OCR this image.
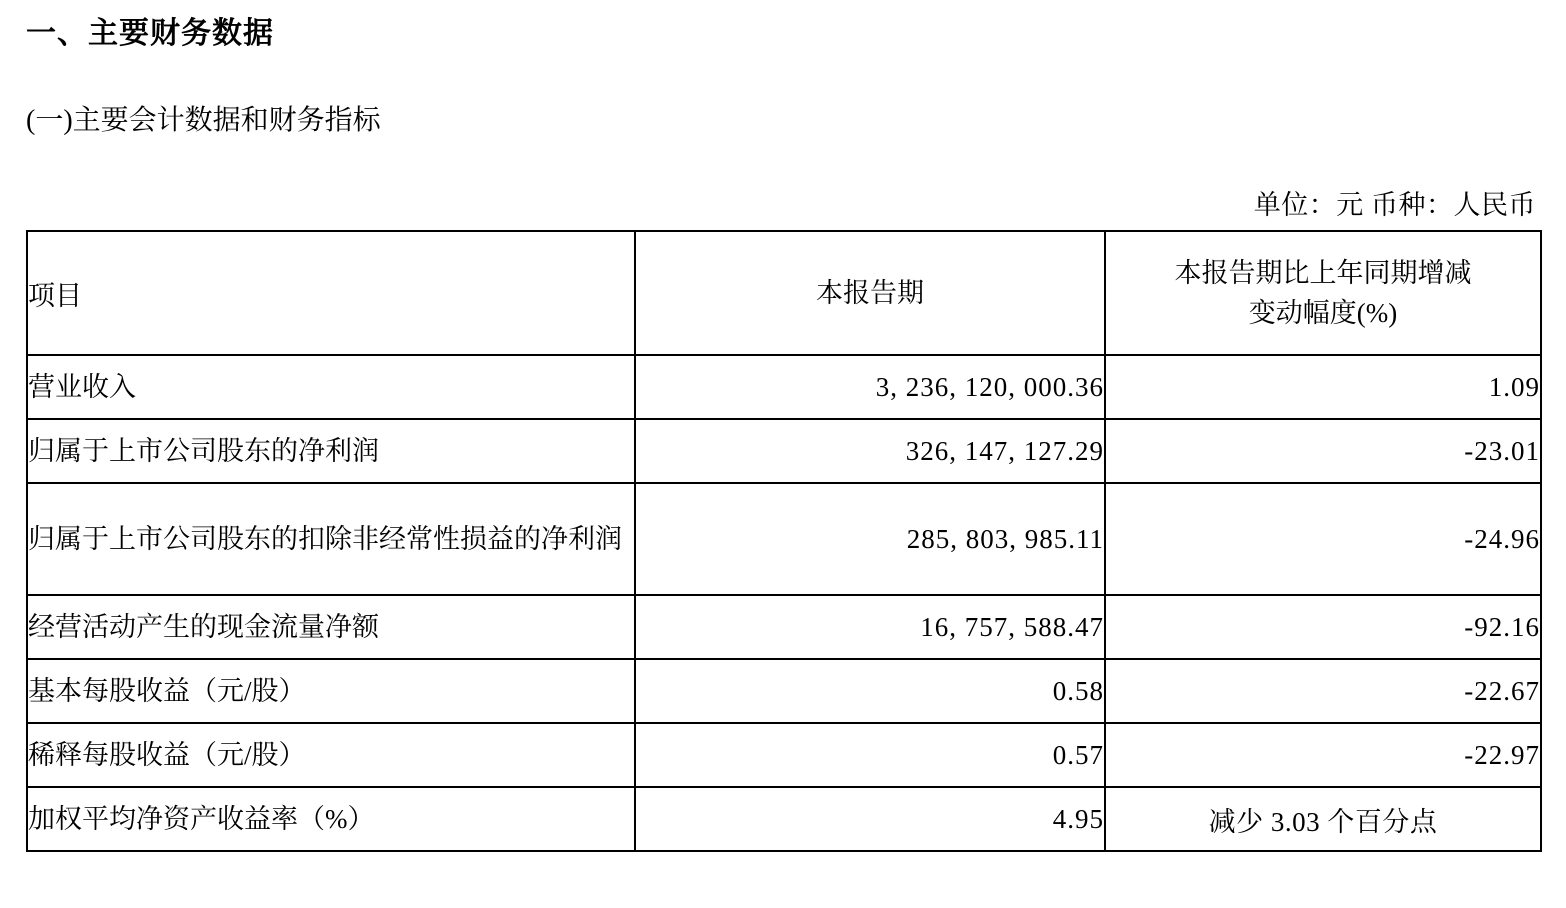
一、主要财务数据
(一)主要会计数据和财务指标
单位：元 币种：人民币
项目	本报告期	本报告期比上年同期增减
变动幅度(%)

营业收入	3, 236, 120, 000.36	1.09
归属于上市公司股东的净利润	326, 147, 127.29	-23.01
归属于上市公司股东的扣除非经常性损益的净利润	285, 803, 985.11	-24.96
经营活动产生的现金流量净额	16, 757, 588.47	-92.16
基本每股收益（元/股）	0.58	-22.67
稀释每股收益（元/股）	0.57	-22.97
加权平均净资产收益率（%）	4.95	减少 3.03 个百分点
